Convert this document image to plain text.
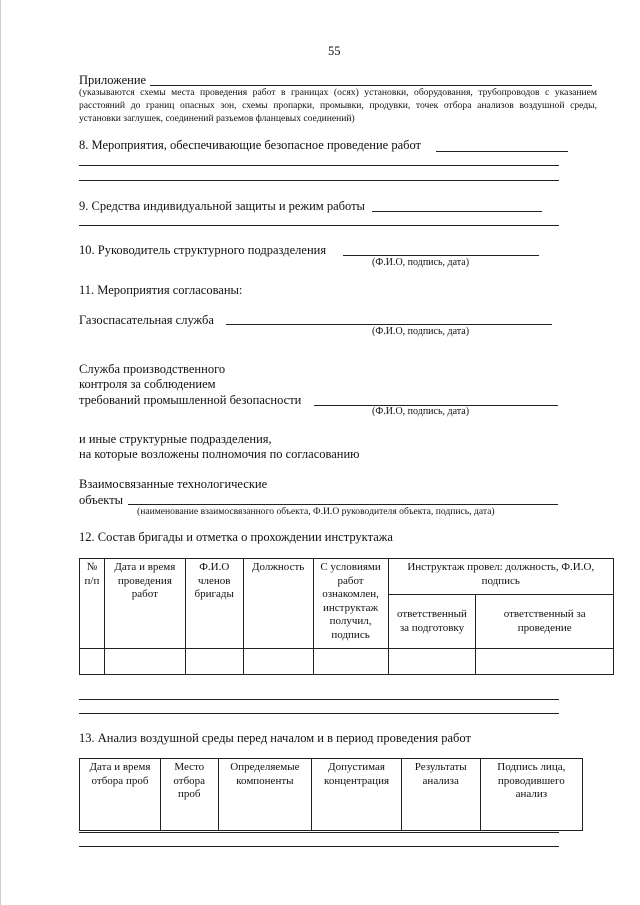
55
Приложение
(указываются схемы места проведения работ в границах (осях) установки, оборудования, трубопроводов с указанием расстояний до границ опасных зон, схемы пропарки, промывки, продувки, точек отбора анализов воздушной среды, установки заглушек, соединений разъемов фланцевых соединений)
8. Мероприятия, обеспечивающие безопасное проведение работ
9. Средства индивидуальной защиты и режим работы
10. Руководитель структурного подразделения
(Ф.И.О, подпись, дата)
11. Мероприятия согласованы:
Газоспасательная служба
(Ф.И.О, подпись, дата)
Служба производственного
контроля за соблюдением
требований промышленной безопасности
(Ф.И.О, подпись, дата)
и иные структурные подразделения,
на которые возложены полномочия по согласованию
Взаимосвязанные технологические
объекты
(наименование взаимосвязанного объекта, Ф.И.О руководителя объекта, подпись, дата)
12. Состав бригады и отметка о прохождении инструктажа
№ п/п	Дата и время проведения работ	Ф.И.О членов бригады	Должность	С условиями работ ознакомлен, инструктаж получил, подпись	Инструктаж провел: должность, Ф.И.О, подпись	
					ответственный за подготовку	ответственный за проведение

13. Анализ воздушной среды перед началом и в период проведения работ
Дата и время отбора проб	Место отбора проб	Определяемые компоненты	Допустимая концентрация	Результаты анализа	Подпись лица, проводившего анализ
